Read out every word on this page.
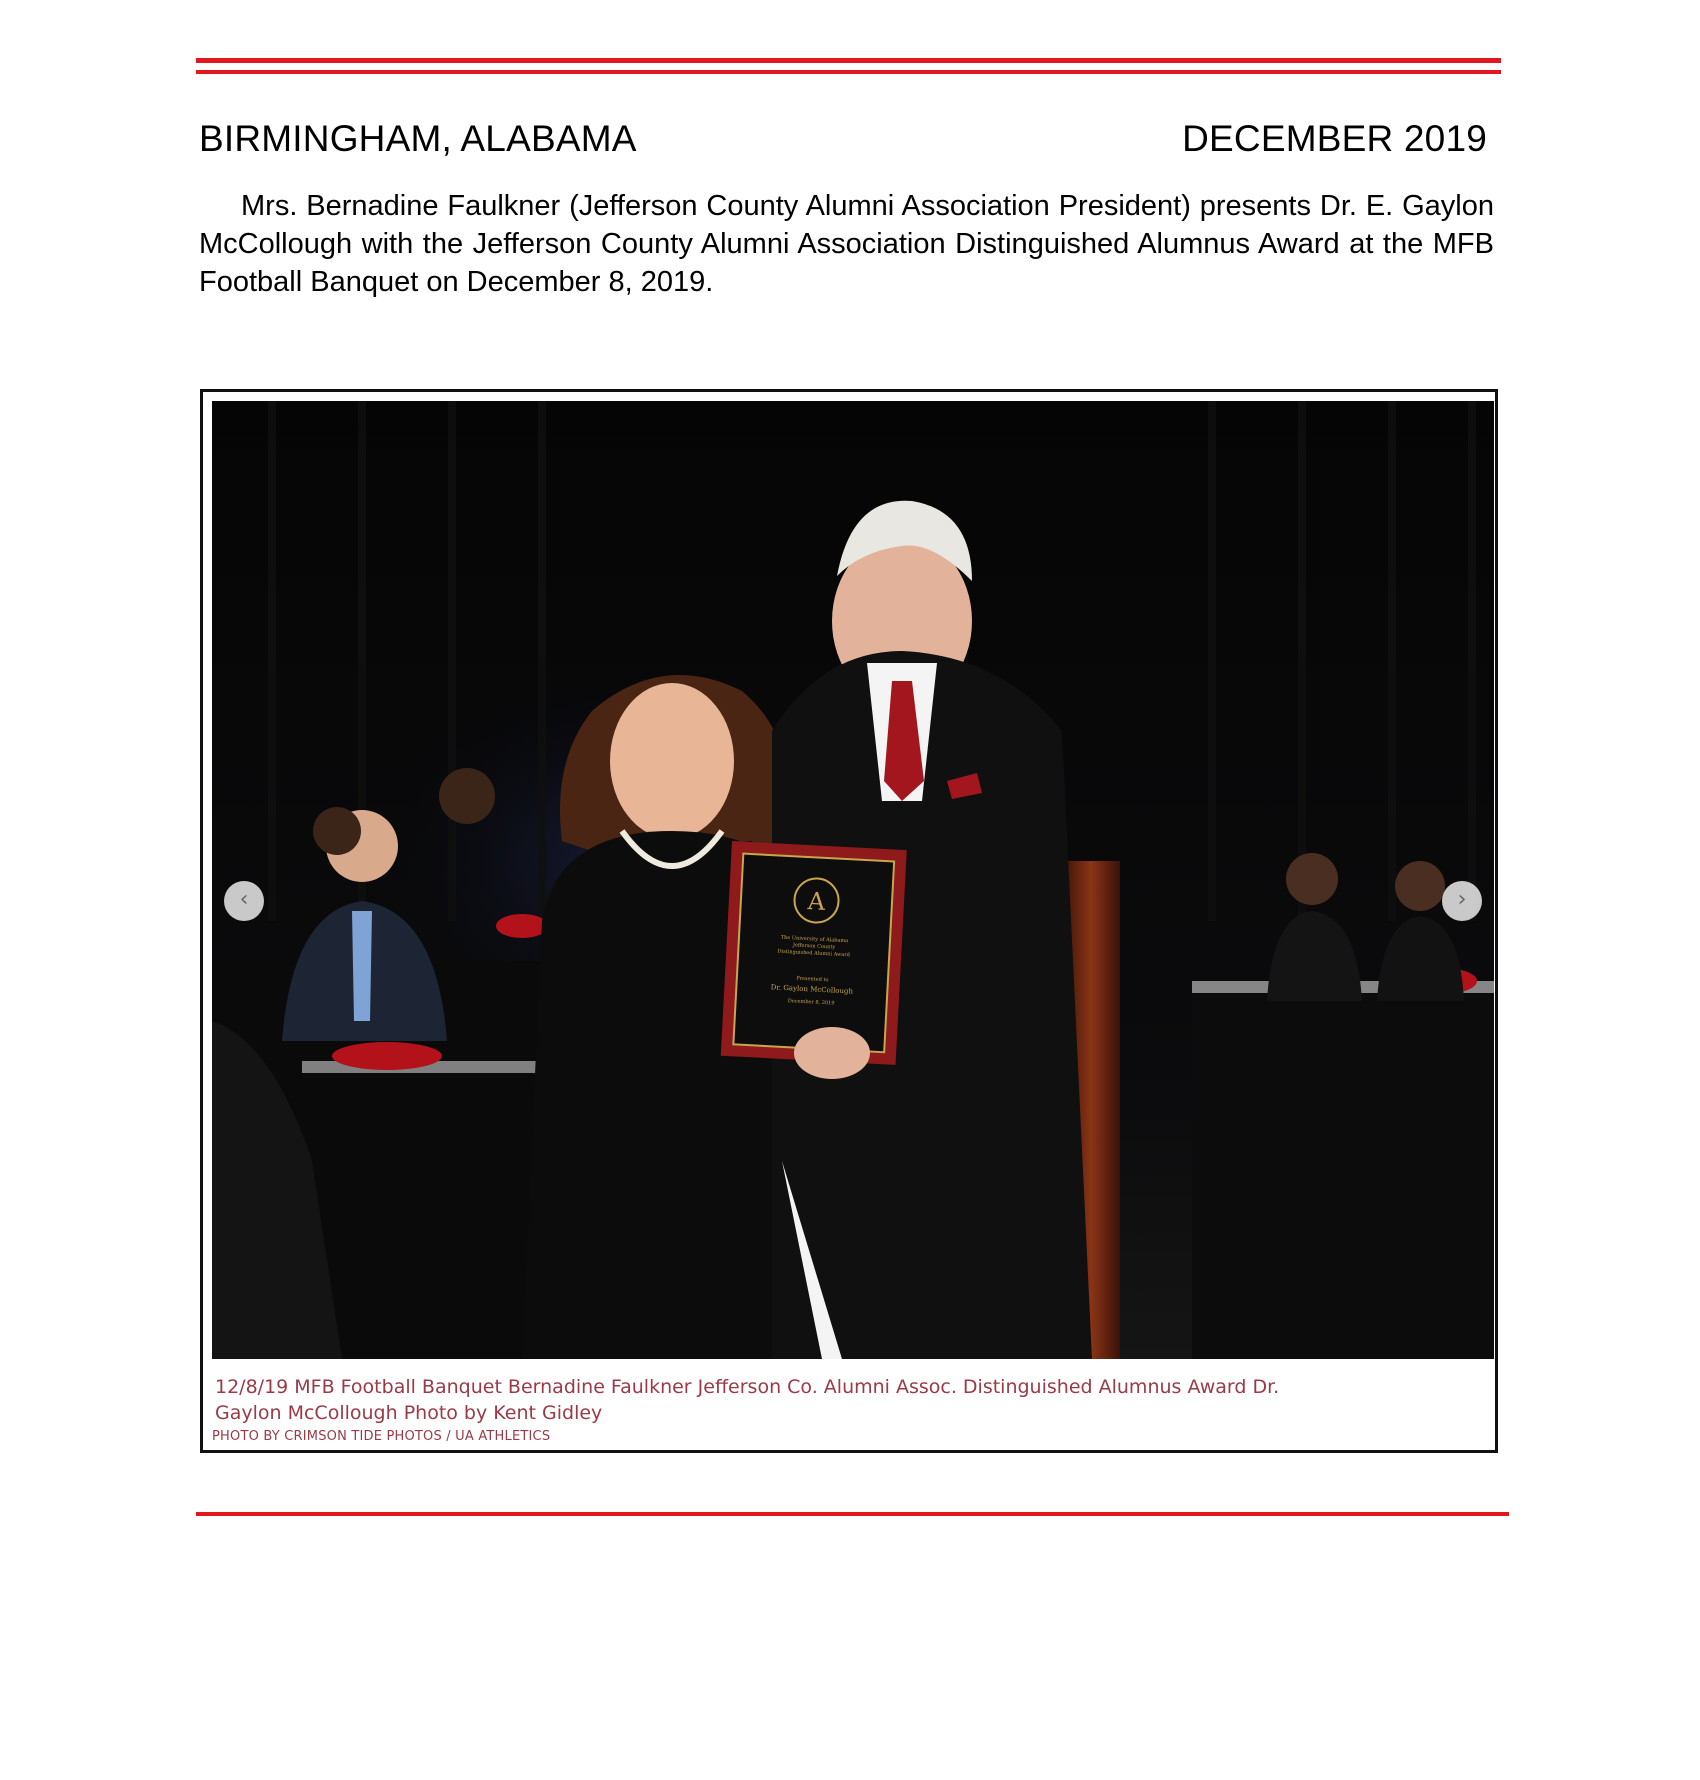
BIRMINGHAM, ALABAMA	DECEMBER 2019
Mrs. Bernadine Faulkner (Jefferson County Alumni Association President) presents Dr. E. Gaylon McCollough with the Jefferson County Alumni Association Distinguished Alumnus Award at the MFB Football Banquet on December 8, 2019.
A
The University of Alabama
Jefferson County
Distinguished Alumni Award
Presented to
Dr. Gaylon McCollough
December 8, 2019
‹	›
12/8/19 MFB Football Banquet Bernadine Faulkner Jefferson Co. Alumni Assoc. Distinguished Alumnus Award Dr. Gaylon McCollough Photo by Kent Gidley
PHOTO BY CRIMSON TIDE PHOTOS / UA ATHLETICS
